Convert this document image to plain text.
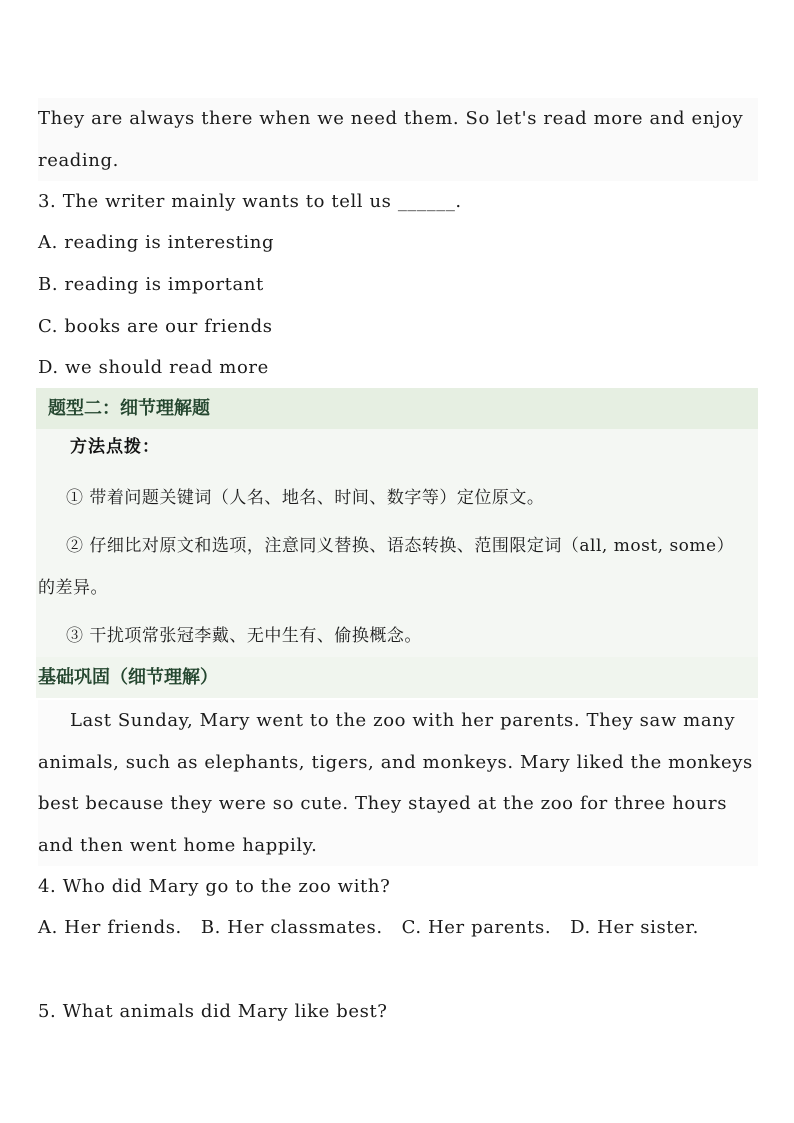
They are always there when we need them. So let's read more and enjoy reading.

3. The writer mainly wants to tell us ______.
A. reading is interesting
B. reading is important
C. books are our friends
D. we should read more
题型二：细节理解题
方法点拨：
① 带着问题关键词（人名、地名、时间、数字等）定位原文。
② 仔细比对原文和选项，注意同义替换、语态转换、范围限定词（all, most, some）的差异。
③ 干扰项常张冠李戴、无中生有、偷换概念。
基础巩固（细节理解）

Last Sunday, Mary went to the zoo with her parents. They saw many animals, such as elephants, tigers, and monkeys. Mary liked the monkeys best because they were so cute. They stayed at the zoo for three hours and then went home happily.

4. Who did Mary go to the zoo with?

A. Her friends.   B. Her classmates.   C. Her parents.   D. Her sister.

5. What animals did Mary like best?
